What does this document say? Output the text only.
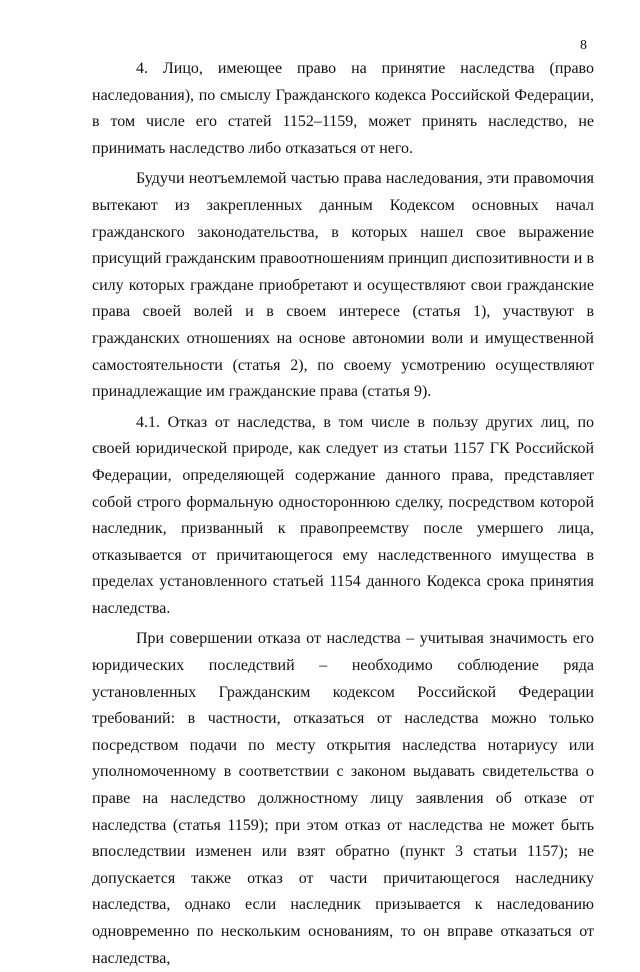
8

4. Лицо, имеющее право на принятие наследства (право наследования), по смыслу Гражданского кодекса Российской Федерации, в том числе его статей 1152–1159, может принять наследство, не принимать наследство либо отказаться от него.

Будучи неотъемлемой частью права наследования, эти правомочия вытекают из закрепленных данным Кодексом основных начал гражданского законодательства, в которых нашел свое выражение присущий гражданским правоотношениям принцип диспозитивности и в силу которых граждане приобретают и осуществляют свои гражданские права своей волей и в своем интересе (статья 1), участвуют в гражданских отношениях на основе автономии воли и имущественной самостоятельности (статья 2), по своему усмотрению осуществляют принадлежащие им гражданские права (статья 9).

4.1. Отказ от наследства, в том числе в пользу других лиц, по своей юридической природе, как следует из статьи 1157 ГК Российской Федерации, определяющей содержание данного права, представляет собой строго формальную одностороннюю сделку, посредством которой наследник, призванный к правопреемству после умершего лица, отказывается от причитающегося ему наследственного имущества в пределах установленного статьей 1154 данного Кодекса срока принятия наследства.

При совершении отказа от наследства – учитывая значимость его юридических последствий – необходимо соблюдение ряда установленных Гражданским кодексом Российской Федерации требований: в частности, отказаться от наследства можно только посредством подачи по месту открытия наследства нотариусу или уполномоченному в соответствии с законом выдавать свидетельства о праве на наследство должностному лицу заявления об отказе от наследства (статья 1159); при этом отказ от наследства не может быть впоследствии изменен или взят обратно (пункт 3 статьи 1157); не допускается также отказ от части причитающегося наследнику наследства, однако если наследник призывается к наследованию одновременно по нескольким основаниям, то он вправе отказаться от наследства,
